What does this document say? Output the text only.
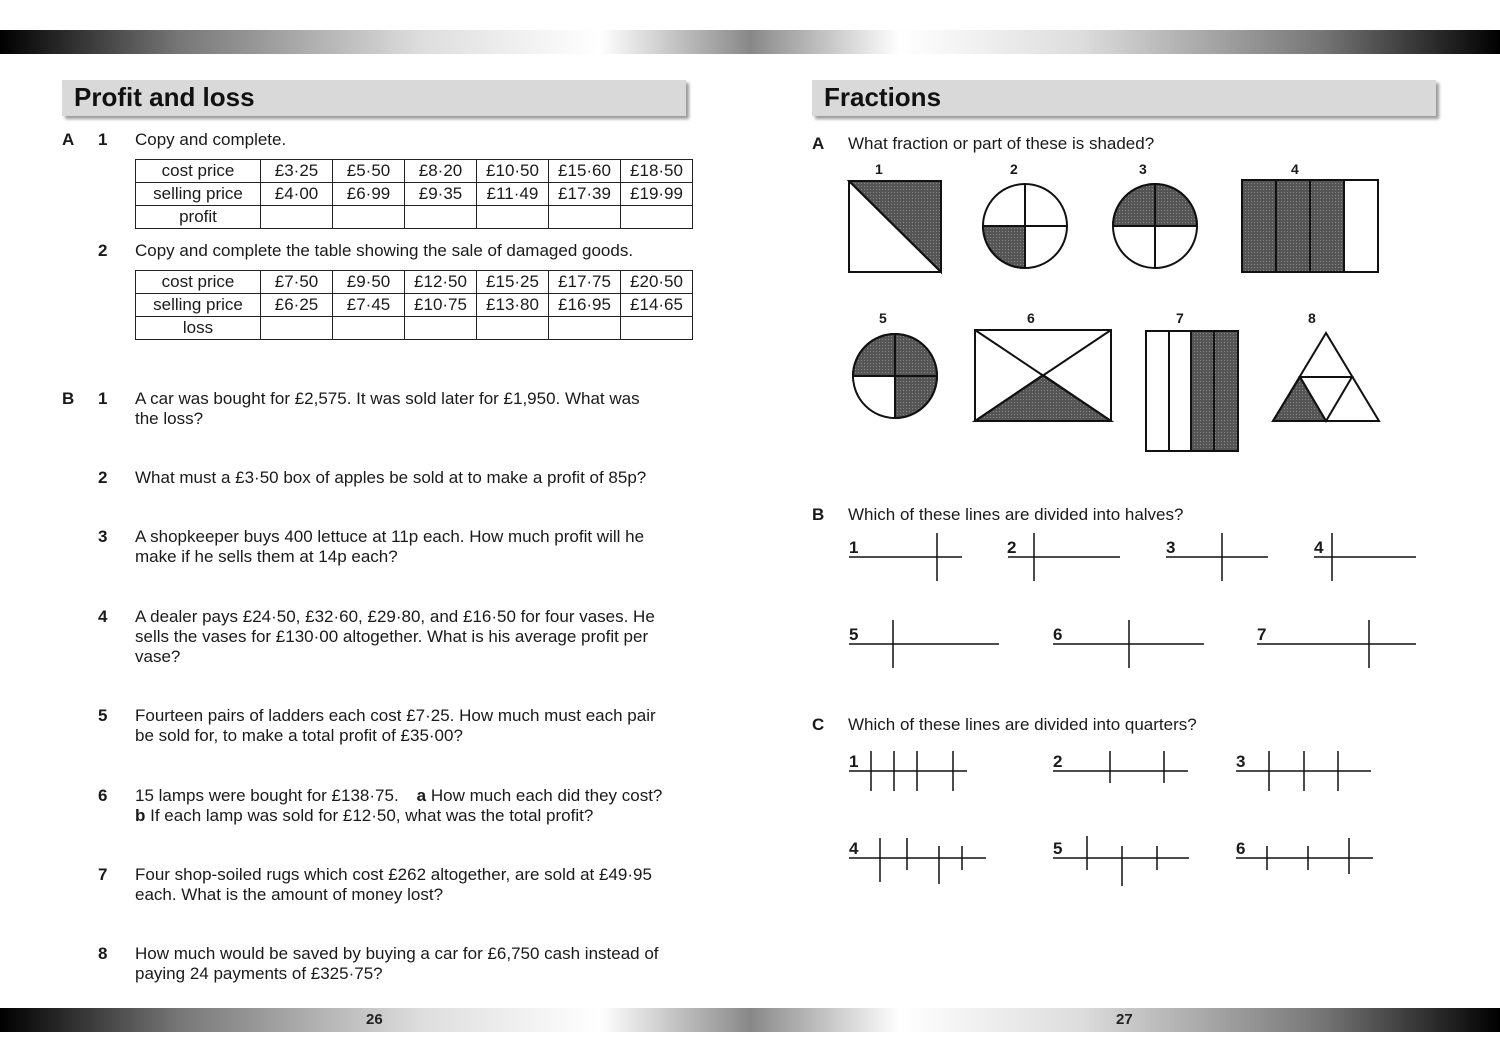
26	27
Profit and loss
A 1 Copy and complete.
cost price	£3·25	£5·50	£8·20	£10·50	£15·60	£18·50
selling price	£4·00	£6·99	£9·35	£11·49	£17·39	£19·99
profit						
2 Copy and complete the table showing the sale of damaged goods.
cost price	£7·50	£9·50	£12·50	£15·25	£17·75	£20·50
selling price	£6·25	£7·45	£10·75	£13·80	£16·95	£14·65
loss						
B 1 A car was bought for £2,575. It was sold later for £1,950. What was
the loss?
2 What must a £3·50 box of apples be sold at to make a profit of 85p?
3 A shopkeeper buys 400 lettuce at 11p each. How much profit will he
make if he sells them at 14p each?
4 A dealer pays £24·50, £32·60, £29·80, and £16·50 for four vases. He
sells the vases for £130·00 altogether. What is his average profit per
vase?
5 Fourteen pairs of ladders each cost £7·25. How much must each pair
be sold for, to make a total profit of £35·00?
6 15 lamps were bought for £138·75. a How much each did they cost?
b If each lamp was sold for £12·50, what was the total profit?
7 Four shop-soiled rugs which cost £262 altogether, are sold at £49·95
each. What is the amount of money lost?
8 How much would be saved by buying a car for £6,750 cash instead of
paying 24 payments of £325·75?
Fractions
A What fraction or part of these is shaded?
B Which of these lines are divided into halves?
C Which of these lines are divided into quarters?
1	2	3	4
5	6	7	8
1	2	3	4
5	6	7
1	2	3
4	5	6
